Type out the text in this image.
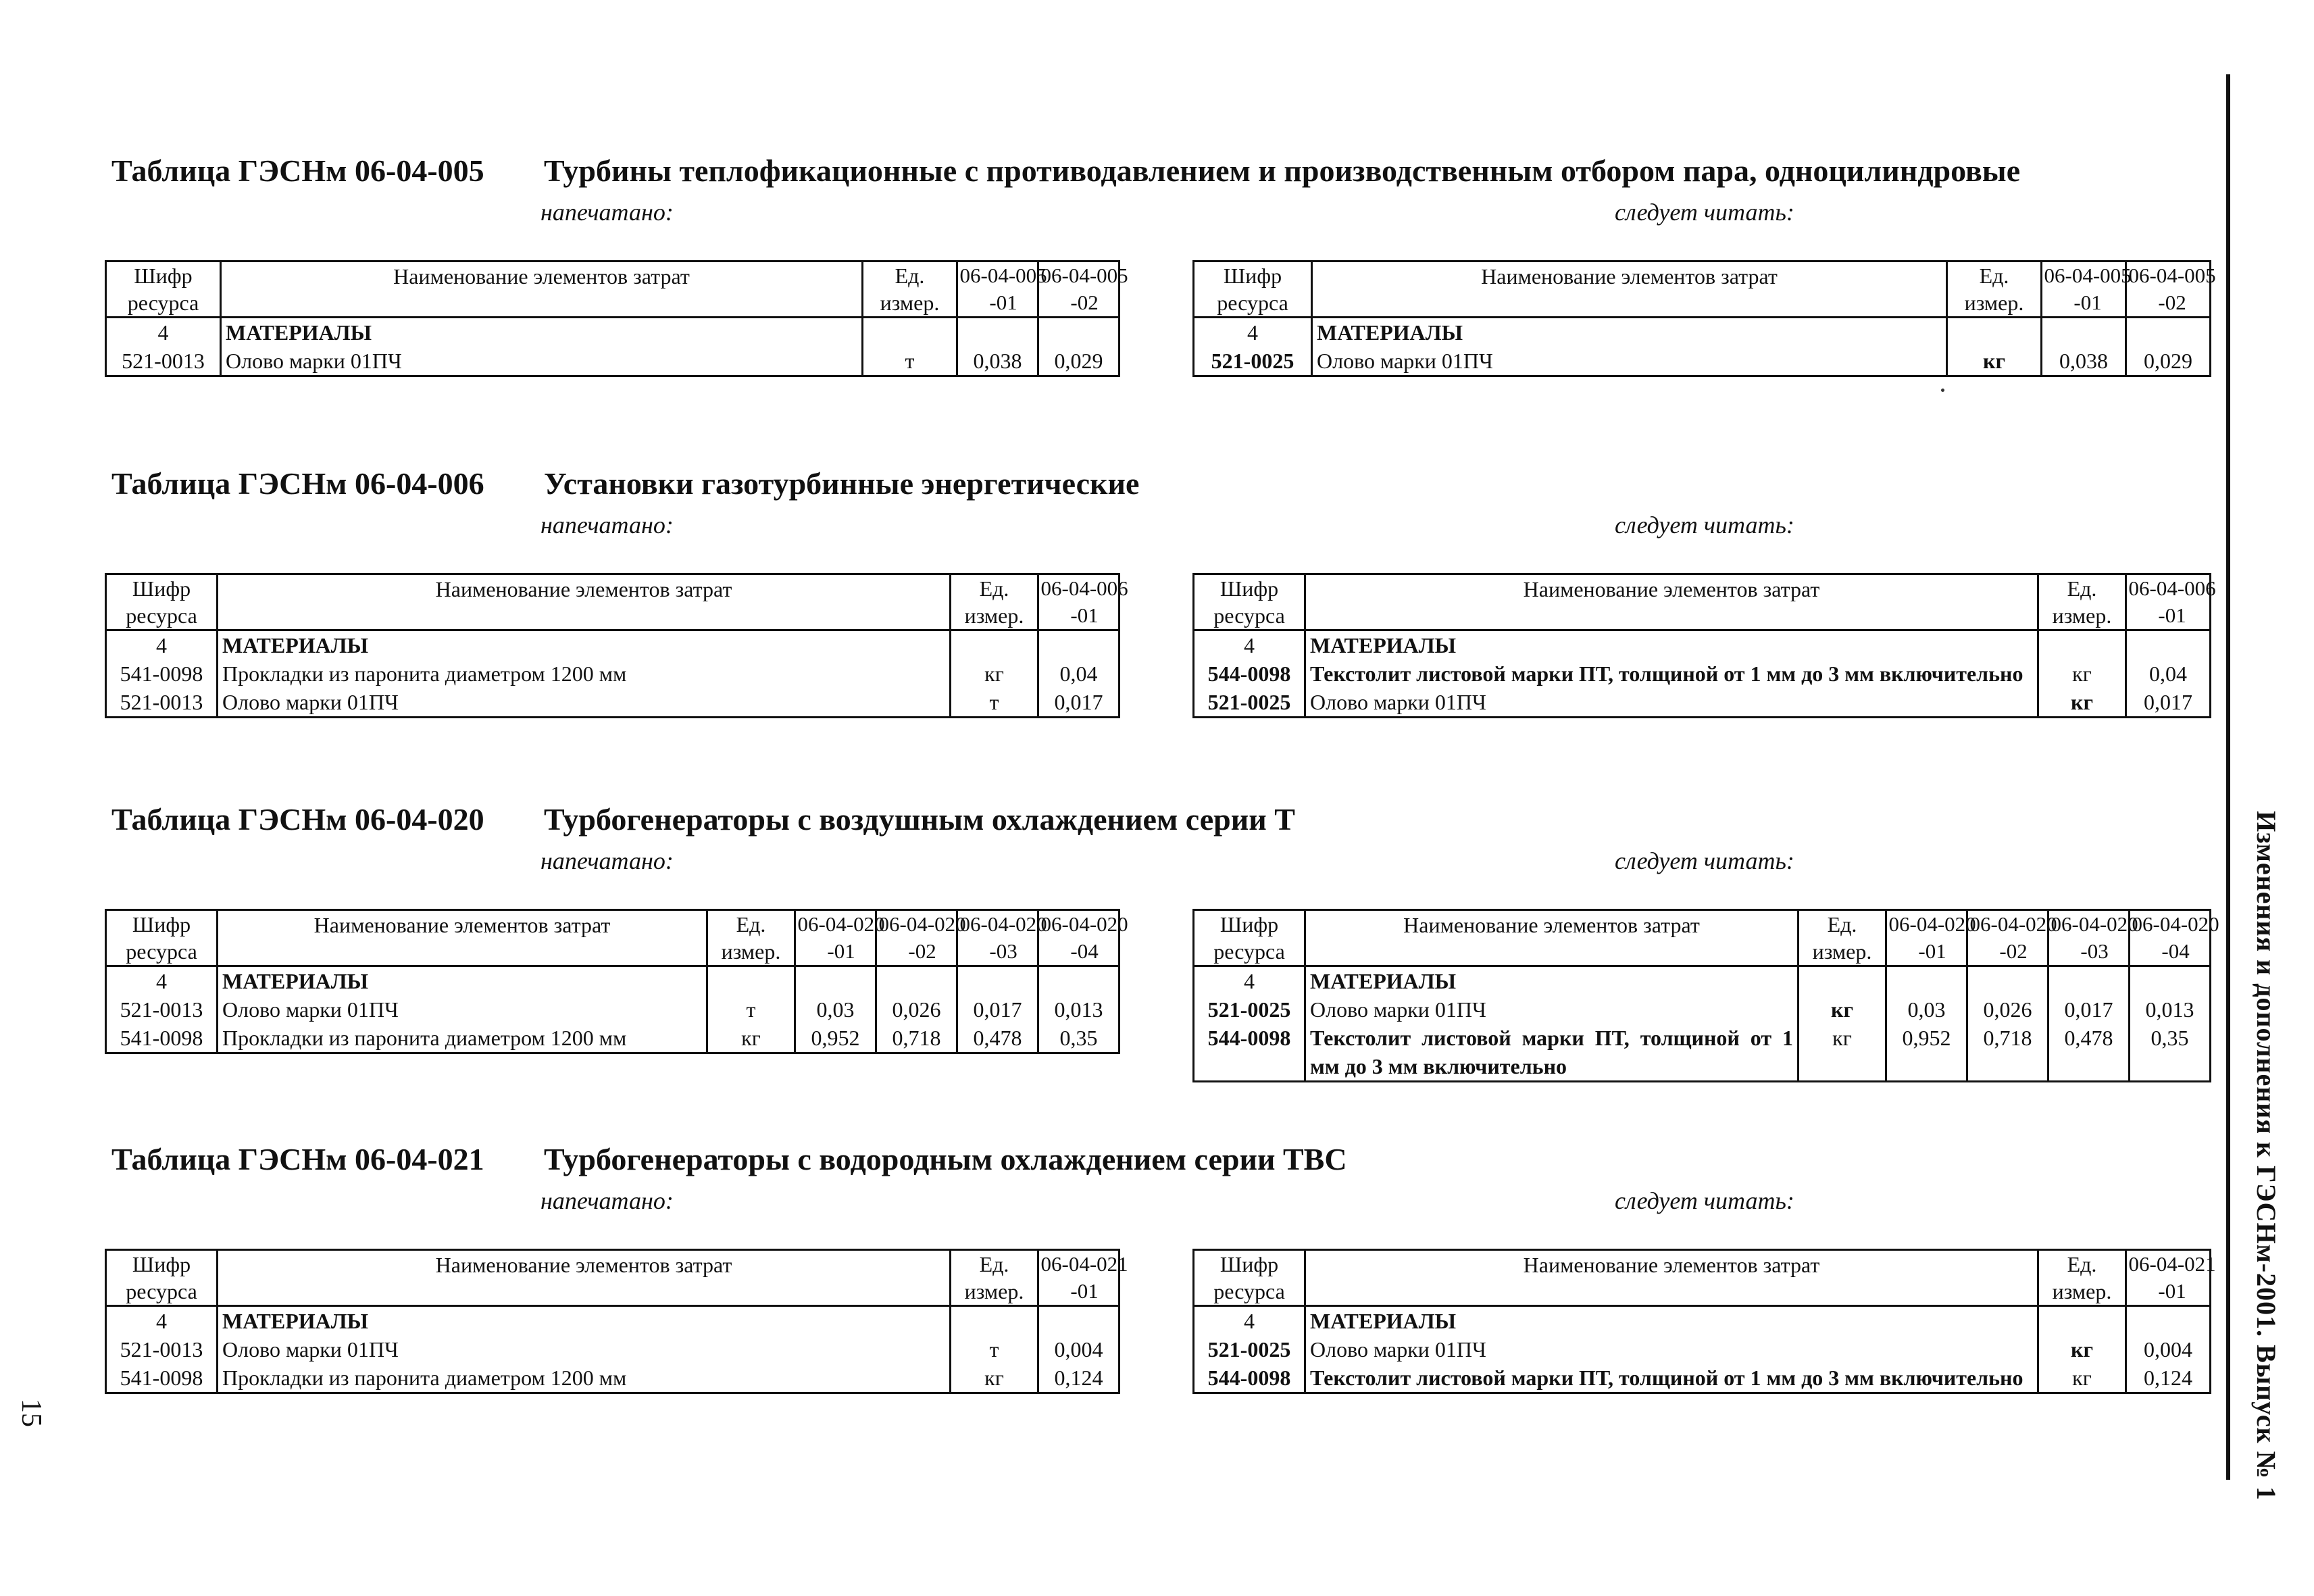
Таблица ГЭСНм 06-04-005 Турбины теплофикационные с противодавлением и производственным отбором пара, одноцилиндровые
напечатано:	следует читать:
Шифр ресурса	Наименование элементов затрат	Ед. измер.	06-04-005-01	06-04-005-02
4	МАТЕРИАЛЫ			
521-0013	Олово марки 01ПЧ	т	0,038	0,029
Шифр ресурса	Наименование элементов затрат	Ед. измер.	06-04-005-01	06-04-005-02
4	МАТЕРИАЛЫ			
521-0025	Олово марки 01ПЧ	кг	0,038	0,029
Таблица ГЭСНм 06-04-006 Установки газотурбинные энергетические
напечатано:	следует читать:
Шифр ресурса	Наименование элементов затрат	Ед. измер.	06-04-006-01
4	МАТЕРИАЛЫ		
541-0098	Прокладки из паронита диаметром 1200 мм	кг	0,04
521-0013	Олово марки 01ПЧ	т	0,017
Шифр ресурса	Наименование элементов затрат	Ед. измер.	06-04-006-01
4	МАТЕРИАЛЫ		
544-0098	Текстолит листовой марки ПТ, толщиной от 1 мм до 3 мм включительно	кг	0,04
521-0025	Олово марки 01ПЧ	кг	0,017
Таблица ГЭСНм 06-04-020 Турбогенераторы с воздушным охлаждением серии Т
напечатано:	следует читать:
Шифр ресурса	Наименование элементов затрат	Ед. измер.	06-04-020-01	06-04-020-02	06-04-020-03	06-04-020-04
4	МАТЕРИАЛЫ					
521-0013	Олово марки 01ПЧ	т	0,03	0,026	0,017	0,013
541-0098	Прокладки из паронита диаметром 1200 мм	кг	0,952	0,718	0,478	0,35
Шифр ресурса	Наименование элементов затрат	Ед. измер.	06-04-020-01	06-04-020-02	06-04-020-03	06-04-020-04
4	МАТЕРИАЛЫ					
521-0025	Олово марки 01ПЧ	кг	0,03	0,026	0,017	0,013
544-0098	Текстолит листовой марки ПТ, толщиной от 1 мм до 3 мм включительно	кг	0,952	0,718	0,478	0,35
Таблица ГЭСНм 06-04-021 Турбогенераторы с водородным охлаждением серии ТВС
напечатано:	следует читать:
Шифр ресурса	Наименование элементов затрат	Ед. измер.	06-04-021-01
4	МАТЕРИАЛЫ		
521-0013	Олово марки 01ПЧ	т	0,004
541-0098	Прокладки из паронита диаметром 1200 мм	кг	0,124
Шифр ресурса	Наименование элементов затрат	Ед. измер.	06-04-021-01
4	МАТЕРИАЛЫ		
521-0025	Олово марки 01ПЧ	кг	0,004
544-0098	Текстолит листовой марки ПТ, толщиной от 1 мм до 3 мм включительно	кг	0,124 Изменения и дополнения к ГЭСНм-2001. Выпуск № 1
15
